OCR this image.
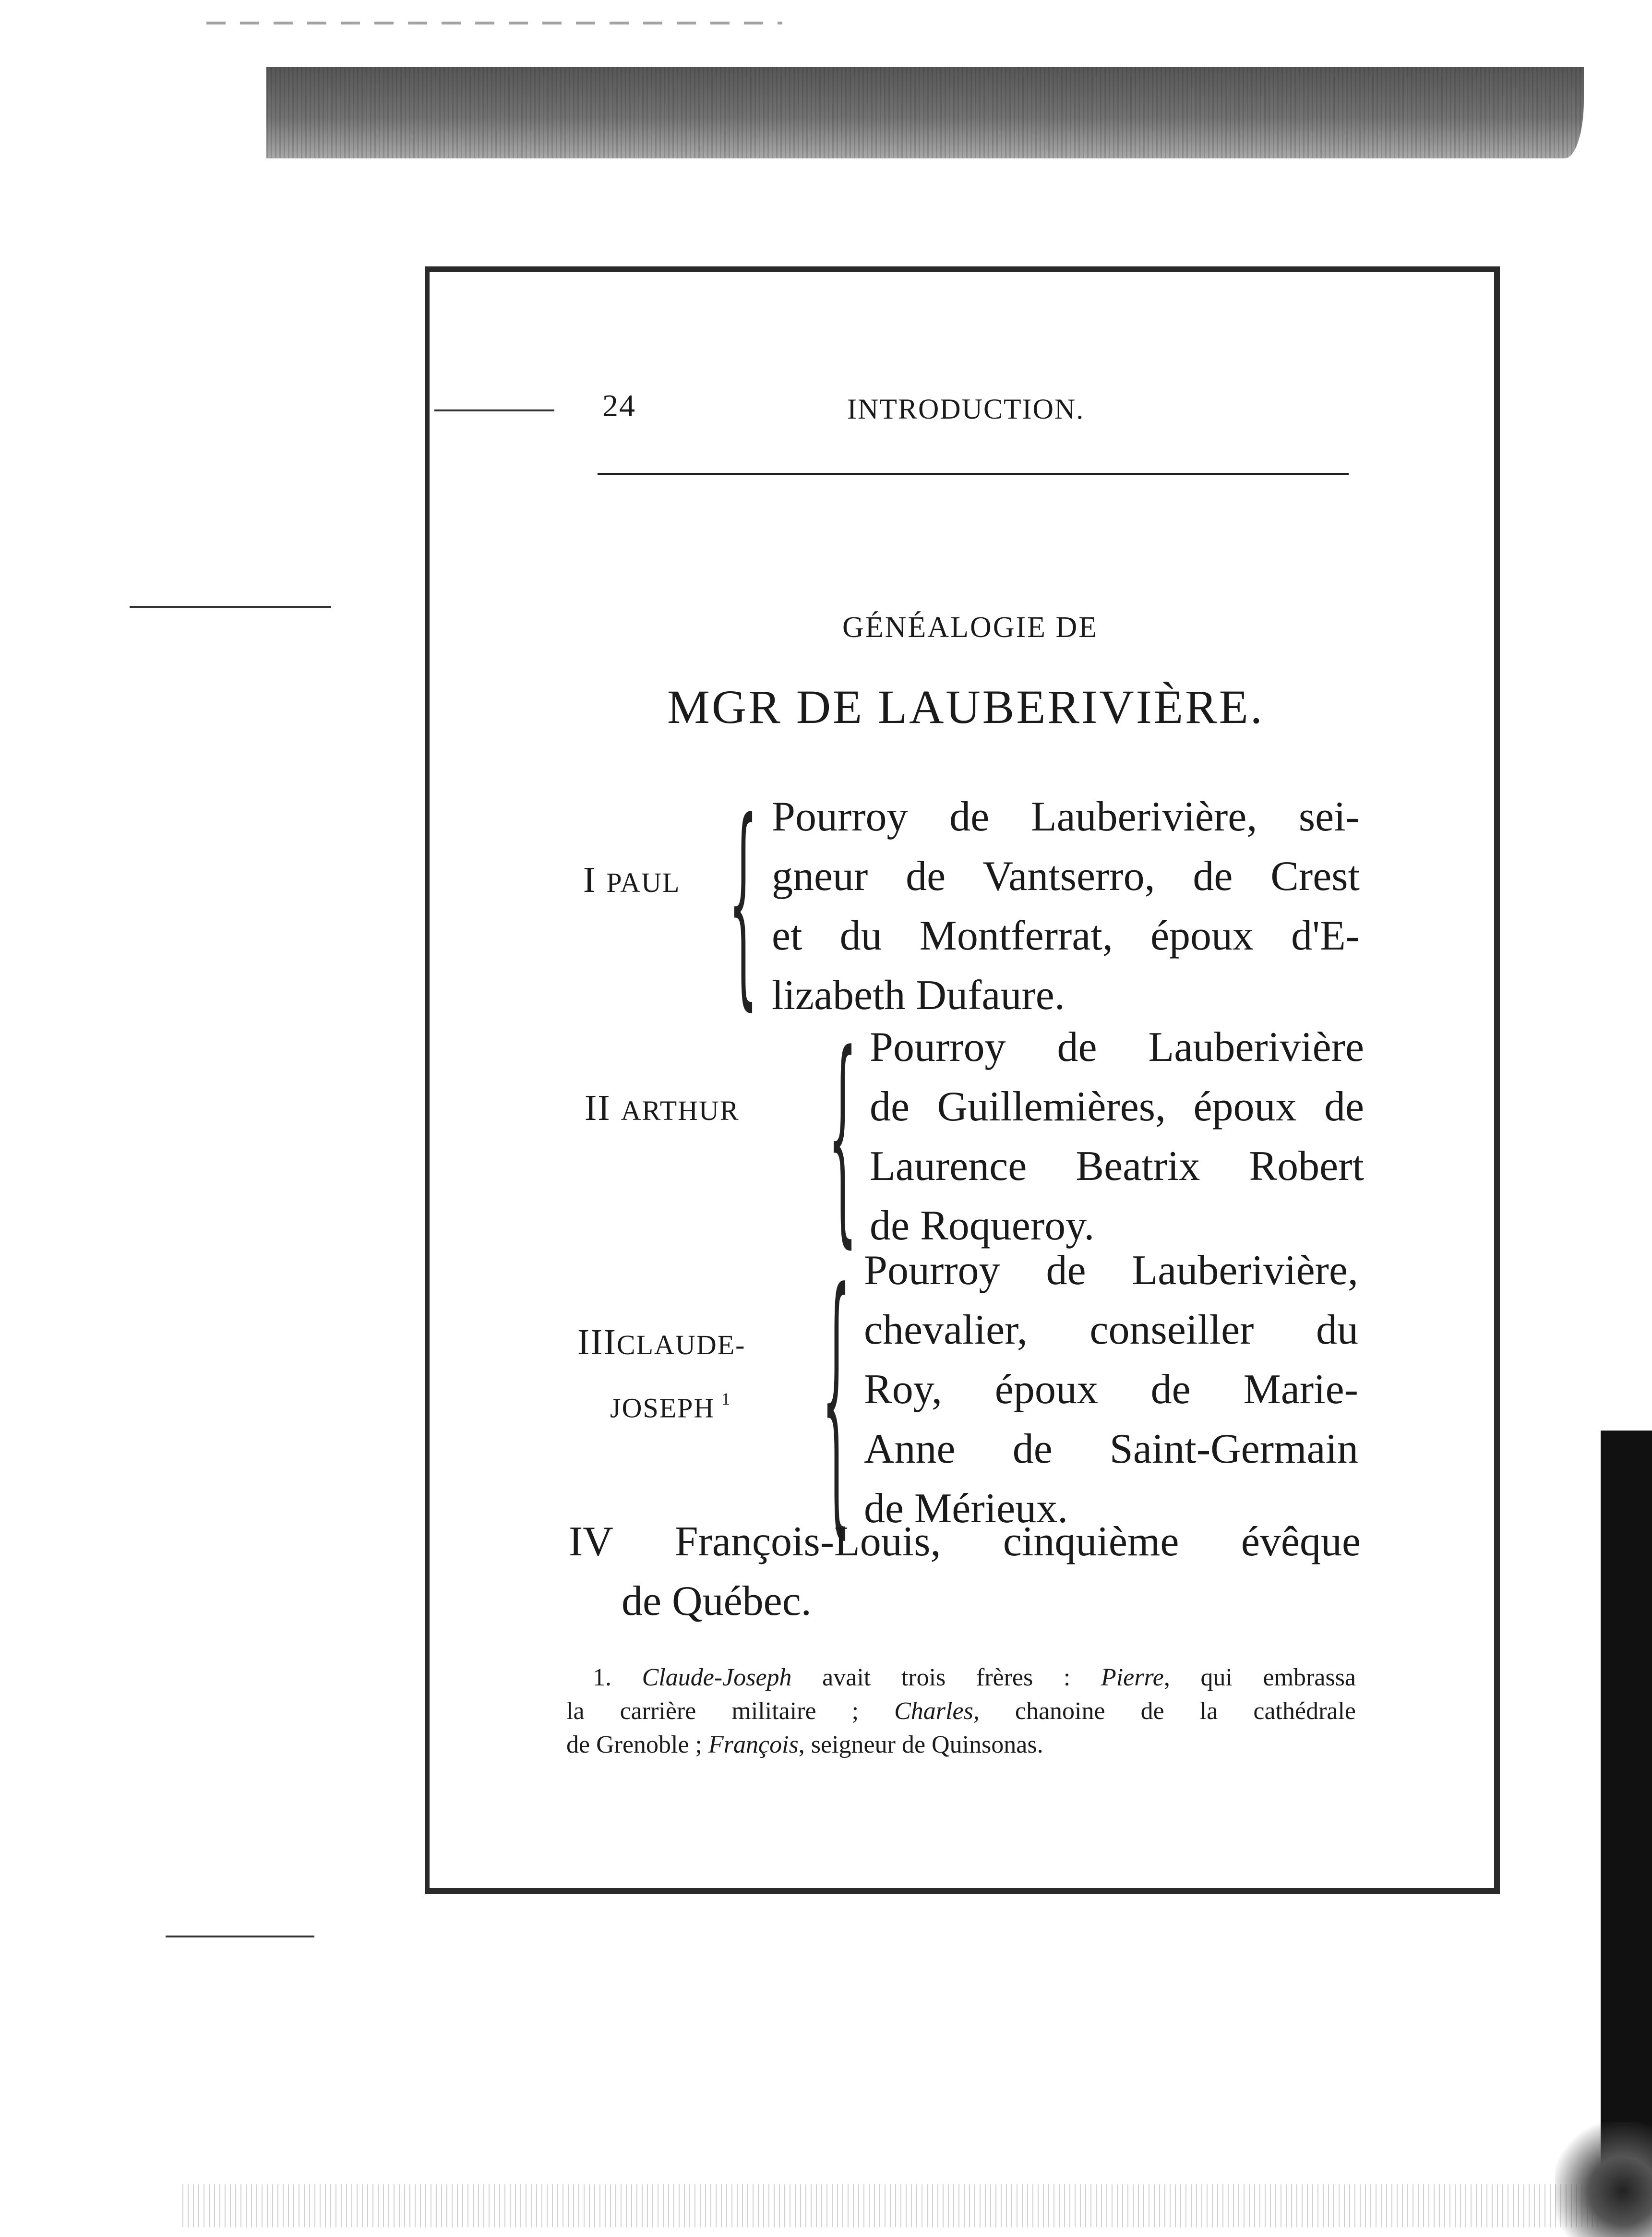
24	INTRODUCTION.
GÉNÉALOGIE DE
MGR DE LAUBERIVIÈRE.
I PAUL { Pourroy de Lauberivière, sei-
gneur de Vantserro, de Crest
et du Montferrat, époux d'E-
lizabeth Dufaure.
II ARTHUR { Pourroy de Lauberivière
de Guillemières, époux de
Laurence Beatrix Robert
de Roqueroy.
IIICLAUDE-
JOSEPH $^1$ { Pourroy de Lauberivière,
chevalier, conseiller du
Roy, époux de Marie-
Anne de Saint-Germain
de Mérieux.
IV François-Louis, cinquième évêque
de Québec.
1. Claude-Joseph avait trois frères : Pierre, qui embrassa
la carrière militaire ; Charles, chanoine de la cathédrale
de Grenoble ; François, seigneur de Quinsonas.
